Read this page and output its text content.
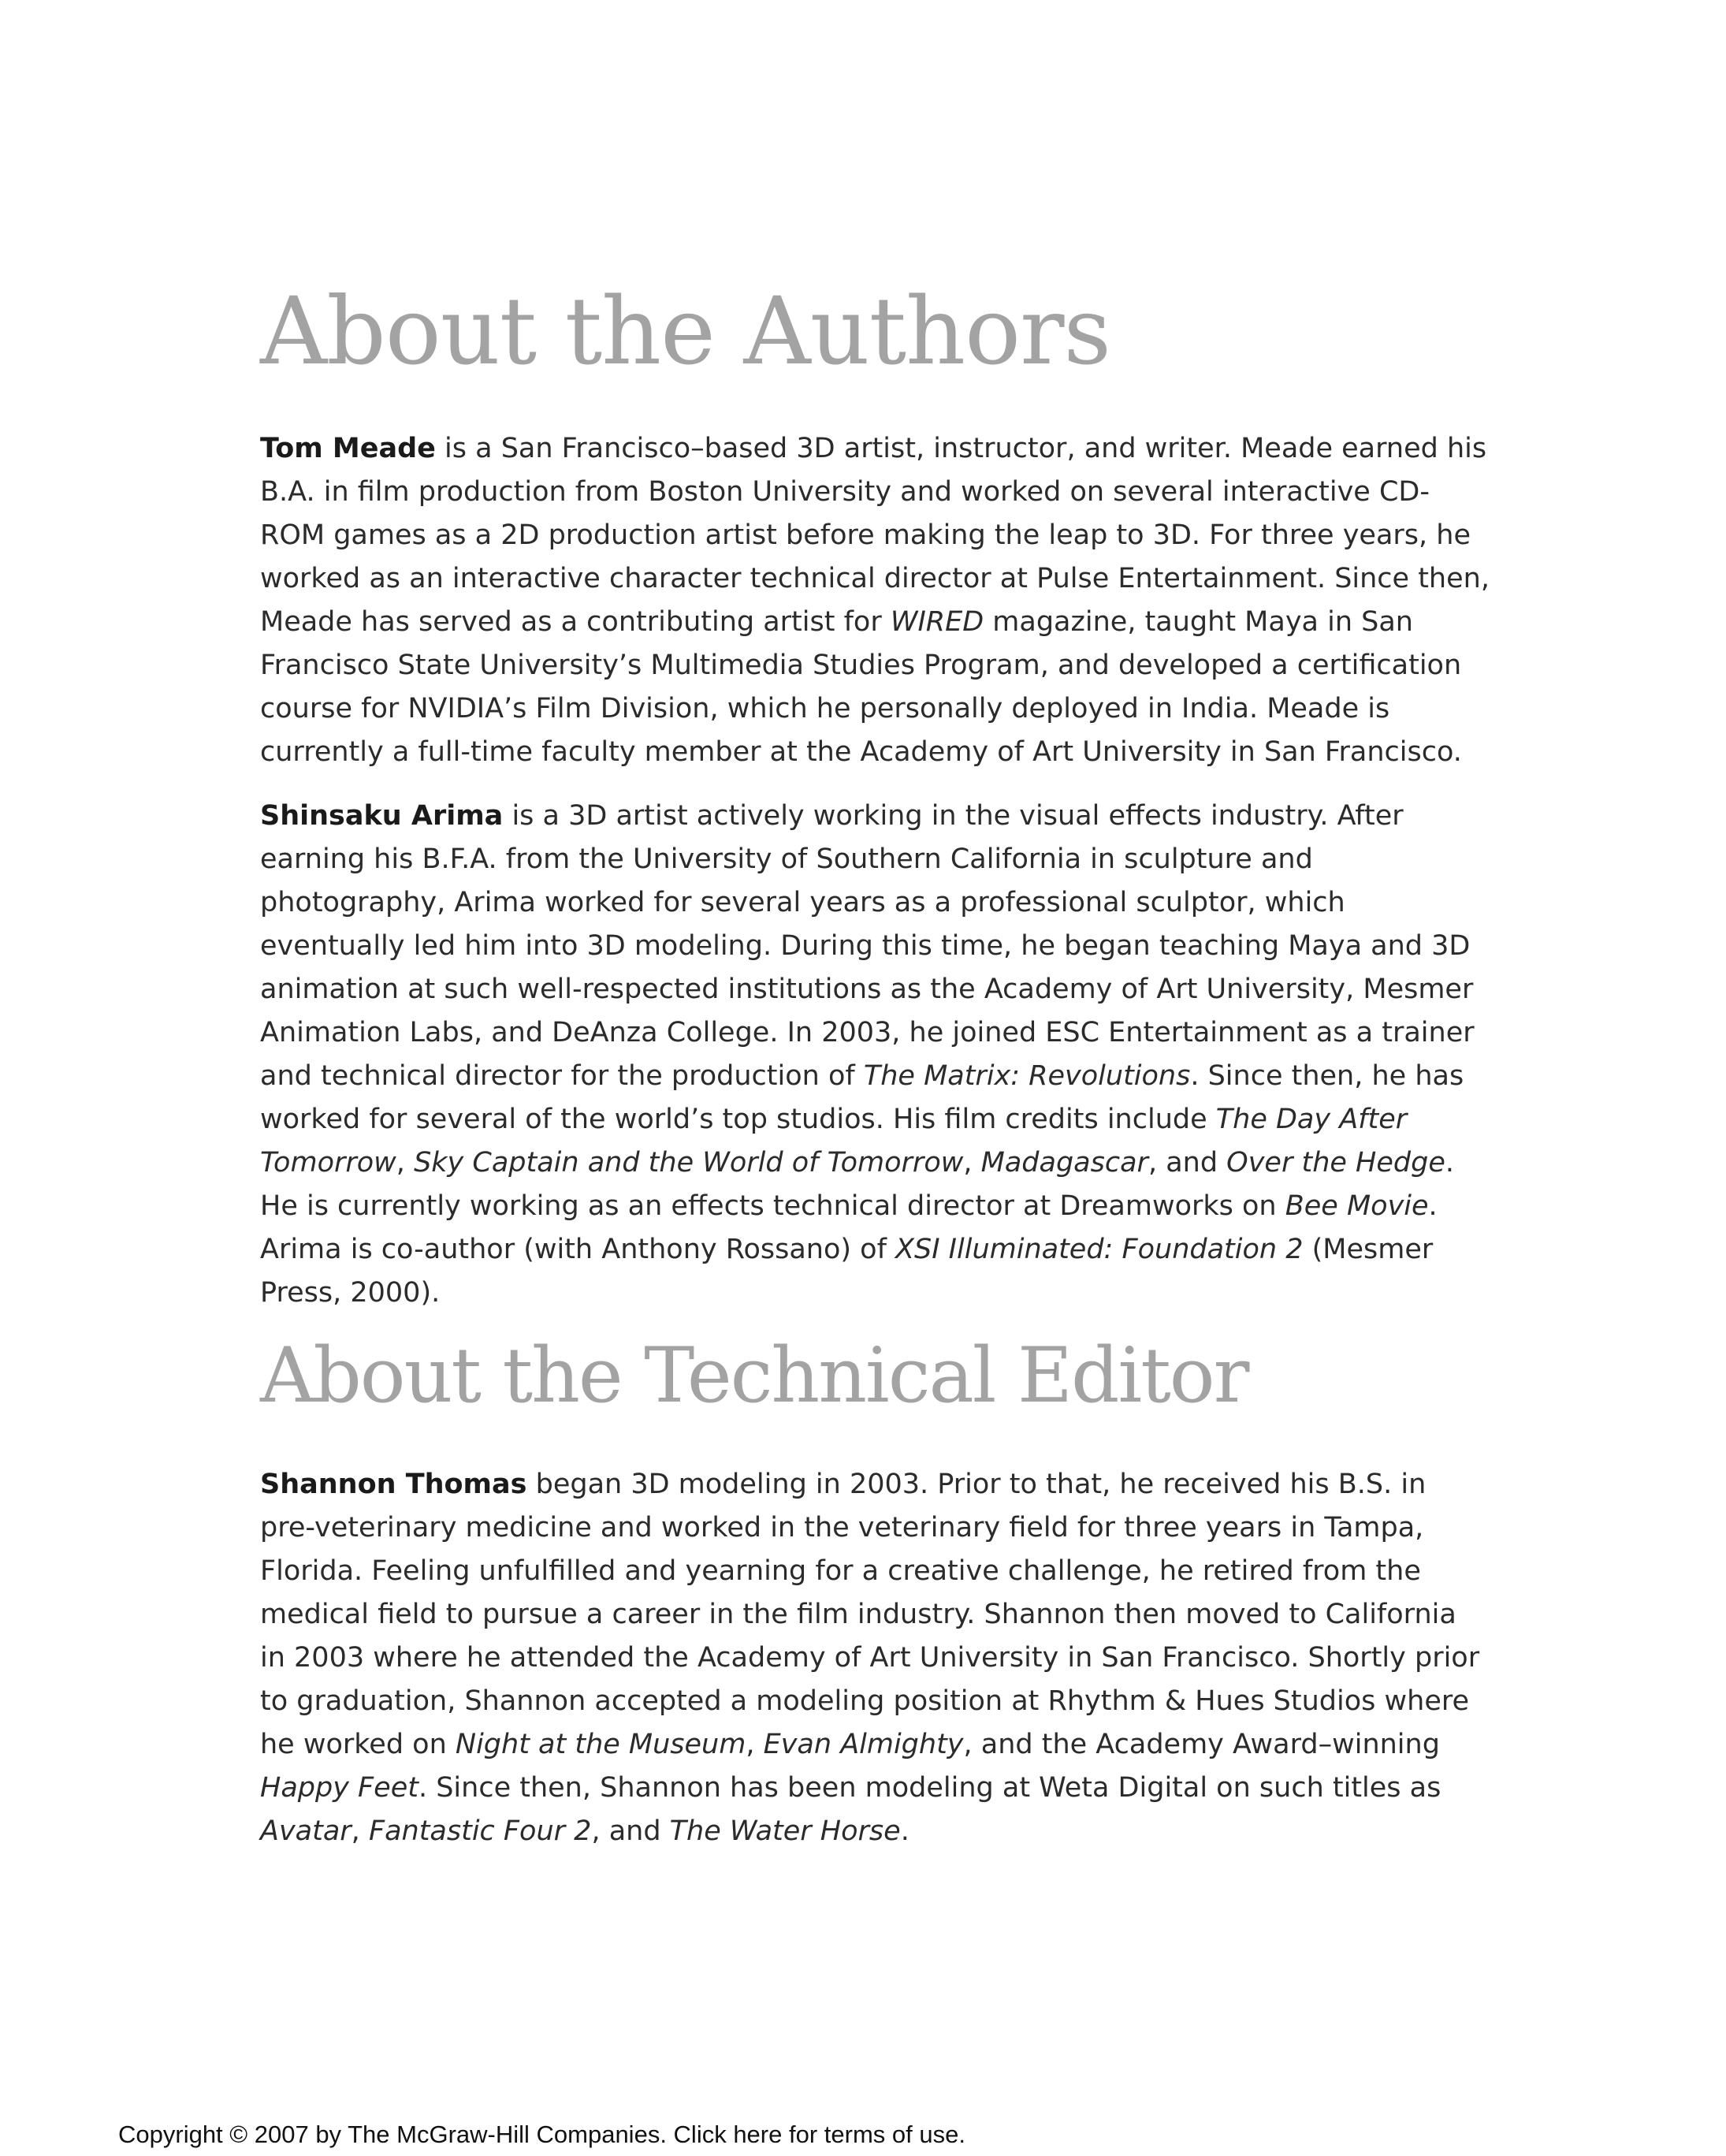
About the Authors

Tom Meade is a San Francisco–based 3D artist, instructor, and writer. Meade earned his B.A. in film production from Boston University and worked on several interactive CD-ROM games as a 2D production artist before making the leap to 3D. For three years, he worked as an interactive character technical director at Pulse Entertainment. Since then, Meade has served as a contributing artist for WIRED magazine, taught Maya in San Francisco State University’s Multimedia Studies Program, and developed a certification course for NVIDIA’s Film Division, which he personally deployed in India. Meade is currently a full-time faculty member at the Academy of Art University in San Francisco.

Shinsaku Arima is a 3D artist actively working in the visual effects industry. After earning his B.F.A. from the University of Southern California in sculpture and photography, Arima worked for several years as a professional sculptor, which eventually led him into 3D modeling. During this time, he began teaching Maya and 3D animation at such well-respected institutions as the Academy of Art University, Mesmer Animation Labs, and DeAnza College. In 2003, he joined ESC Entertainment as a trainer and technical director for the production of The Matrix: Revolutions. Since then, he has worked for several of the world’s top studios. His film credits include The Day After Tomorrow, Sky Captain and the World of Tomorrow, Madagascar, and Over the Hedge. He is currently working as an effects technical director at Dreamworks on Bee Movie. Arima is co-author (with Anthony Rossano) of XSI Illuminated: Foundation 2 (Mesmer Press, 2000).

About the Technical Editor

Shannon Thomas began 3D modeling in 2003. Prior to that, he received his B.S. in pre-veterinary medicine and worked in the veterinary field for three years in Tampa, Florida. Feeling unfulfilled and yearning for a creative challenge, he retired from the medical field to pursue a career in the film industry. Shannon then moved to California in 2003 where he attended the Academy of Art University in San Francisco. Shortly prior to graduation, Shannon accepted a modeling position at Rhythm & Hues Studios where he worked on Night at the Museum, Evan Almighty, and the Academy Award–winning Happy Feet. Since then, Shannon has been modeling at Weta Digital on such titles as Avatar, Fantastic Four 2, and The Water Horse.

Copyright © 2007 by The McGraw-Hill Companies. Click here for terms of use.
